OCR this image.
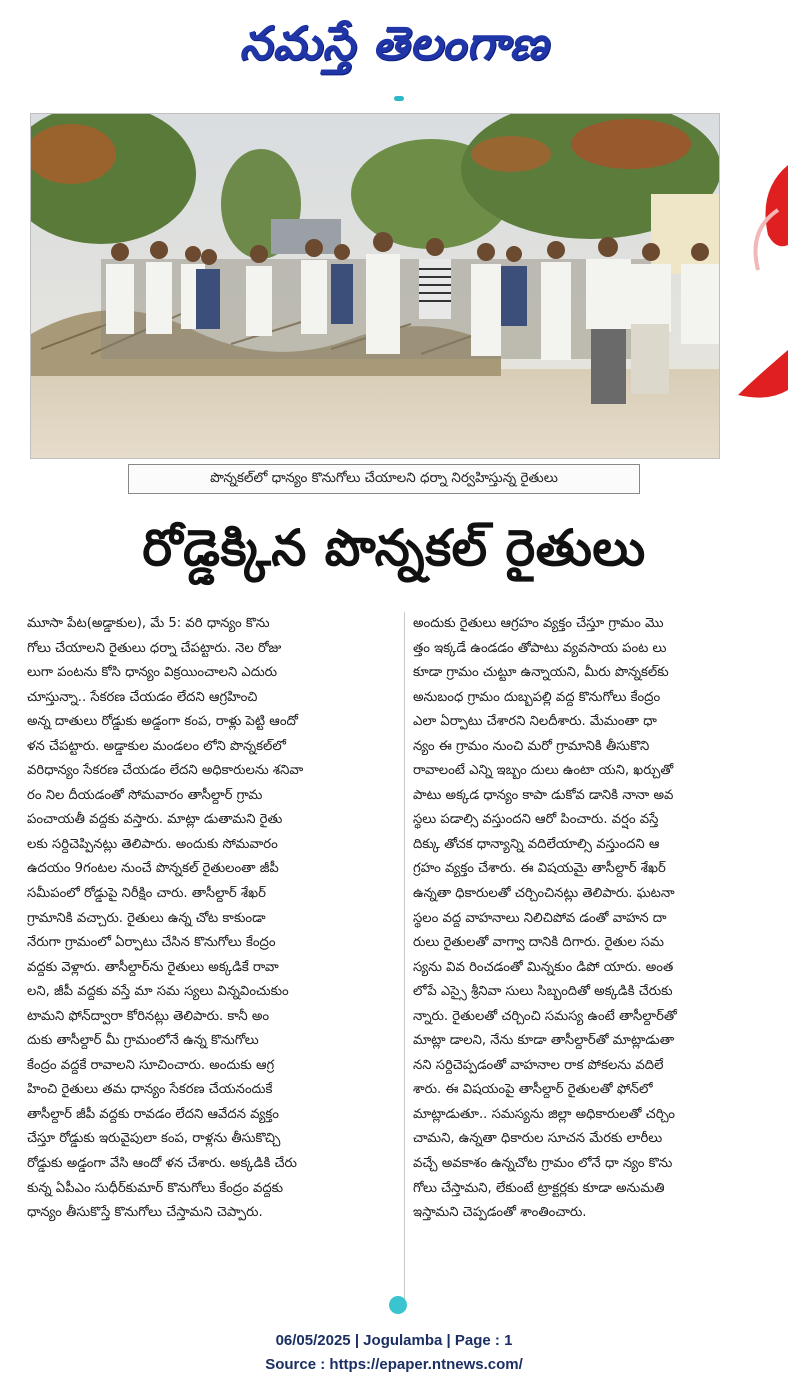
నమస్తే తెలంగాణ
పొన్నకల్‌లో ధాన్యం కొనుగోలు చేయాలని ధర్నా నిర్వహిస్తున్న రైతులు
రోడ్డెక్కిన పొన్నకల్ రైతులు
మూసా పేట(అడ్డాకుల), మే 5: వరి ధాన్యం కొను
గోలు చేయాలని రైతులు ధర్నా చేపట్టారు. నెల రోజు
లుగా పంటను కోసి ధాన్యం విక్రయించాలని ఎదురు
చూస్తున్నా.. సేకరణ చేయడం లేదని ఆగ్రహించి
అన్న దాతులు రోడ్డుకు అడ్డంగా కంప, రాళ్లు పెట్టి ఆందో
ళన చేపట్టారు. అడ్డాకుల మండలం లోని పొన్నకల్‌లో
వరిధాన్యం సేకరణ చేయడం లేదని అధికారులను శనివా
రం నిల దీయడంతో సోమవారం తాసీల్దార్ గ్రామ
పంచాయతీ వద్దకు వస్తారు. మాట్లా డుతామని రైతు
లకు సర్దిచెప్పినట్లు తెలిపారు. అందుకు సోమవారం
ఉదయం 9గంటల నుంచే పొన్నకల్ రైతులంతా జీపీ
సమీపంలో రోడ్డుపై నిరీక్షిం చారు. తాసీల్దార్ శేఖర్
గ్రామానికి వచ్చారు. రైతులు ఉన్న చోట కాకుండా
నేరుగా గ్రామంలో ఏర్పాటు చేసిన కొనుగోలు కేంద్రం
వద్దకు వెళ్లారు. తాసీల్దార్‌ను రైతులు అక్కడికే రావా
లని, జీపీ వద్దకు వస్తే మా సమ స్యలు విన్నవించుకుం
టామని ఫోన్‌ద్వారా కోరినట్లు తెలిపారు. కానీ అం
దుకు తాసీల్దార్ మీ గ్రామంలోనే ఉన్న కొనుగోలు
కేంద్రం వద్దకే రావాలని సూచించారు. అందుకు ఆగ్ర
హించి రైతులు తమ ధాన్యం సేకరణ చేయనందుకే
తాసీల్దార్ జీపీ వద్దకు రావడం లేదని ఆవేదన వ్యక్తం
చేస్తూ రోడ్డుకు ఇరువైపులా కంప, రాళ్లను తీసుకొచ్చి
రోడ్డుకు అడ్డంగా వేసి ఆందో ళన చేశారు. అక్కడికి చేరు
కున్న ఏపీఎం సుధీర్‌కుమార్ కొనుగోలు కేంద్రం వద్దకు
ధాన్యం తీసుకొస్తే కొనుగోలు చేస్తామని చెప్పారు.
అందుకు రైతులు ఆగ్రహం వ్యక్తం చేస్తూ గ్రామం మొ
త్తం ఇక్కడే ఉండడం తోపాటు వ్యవసాయ పంట లు
కూడా గ్రామం చుట్టూ ఉన్నాయని, మీరు పొన్నకల్‌కు
అనుబంధ గ్రామం దుబ్బపల్లి వద్ద కొనుగోలు కేంద్రం
ఎలా ఏర్పాటు చేశారని నిలదీశారు. మేమంతా ధా
న్యం ఈ గ్రామం నుంచి మరో గ్రామానికి తీసుకొని
రావాలంటే ఎన్ని ఇబ్బం దులు ఉంటా యని, ఖర్చుతో
పాటు అక్కడ ధాన్యం కాపా డుకోవ డానికి నానా అవ
స్థలు పడాల్సి వస్తుందని ఆరో పించారు. వర్షం వస్తే
దిక్కు తోచక ధాన్యాన్ని వదిలేయాల్సి వస్తుందని ఆ
గ్రహం వ్యక్తం చేశారు. ఈ విషయమై తాసీల్దార్ శేఖర్
ఉన్నతా ధికారులతో చర్చించినట్లు తెలిపారు. ఘటనా
స్థలం వద్ద వాహనాలు నిలిచిపోవ డంతో వాహన దా
రులు రైతులతో వాగ్వా దానికి దిగారు. రైతుల సమ
స్యను వివ రించడంతో మిన్నకుం డిపో యారు. అంత
లోపే ఎస్సై శ్రీనివా సులు సిబ్బందితో అక్కడికి చేరుకు
న్నారు. రైతులతో చర్చించి సమస్య ఉంటే తాసీల్దార్‌తో
మాట్లా డాలని, నేను కూడా తాసీల్దార్‌తో మాట్లాడుతా
నని సర్దిచెప్పడంతో వాహనాల రాక పోకలను వదిలే
శారు. ఈ విషయంపై తాసీల్దార్ రైతులతో ఫోన్‌లో
మాట్లాడుతూ.. సమస్యను జిల్లా అధికారులతో చర్చిం
చామని, ఉన్నతా ధికారుల సూచన మేరకు లారీలు
వచ్చే అవకాశం ఉన్నచోట గ్రామం లోనే ధా న్యం కొను
గోలు చేస్తామని, లేకుంటే ట్రాక్టర్లకు కూడా అనుమతి
ఇస్తామని చెప్పడంతో శాంతించారు.
06/05/2025 | Jogulamba | Page : 1
Source : https://epaper.ntnews.com/
